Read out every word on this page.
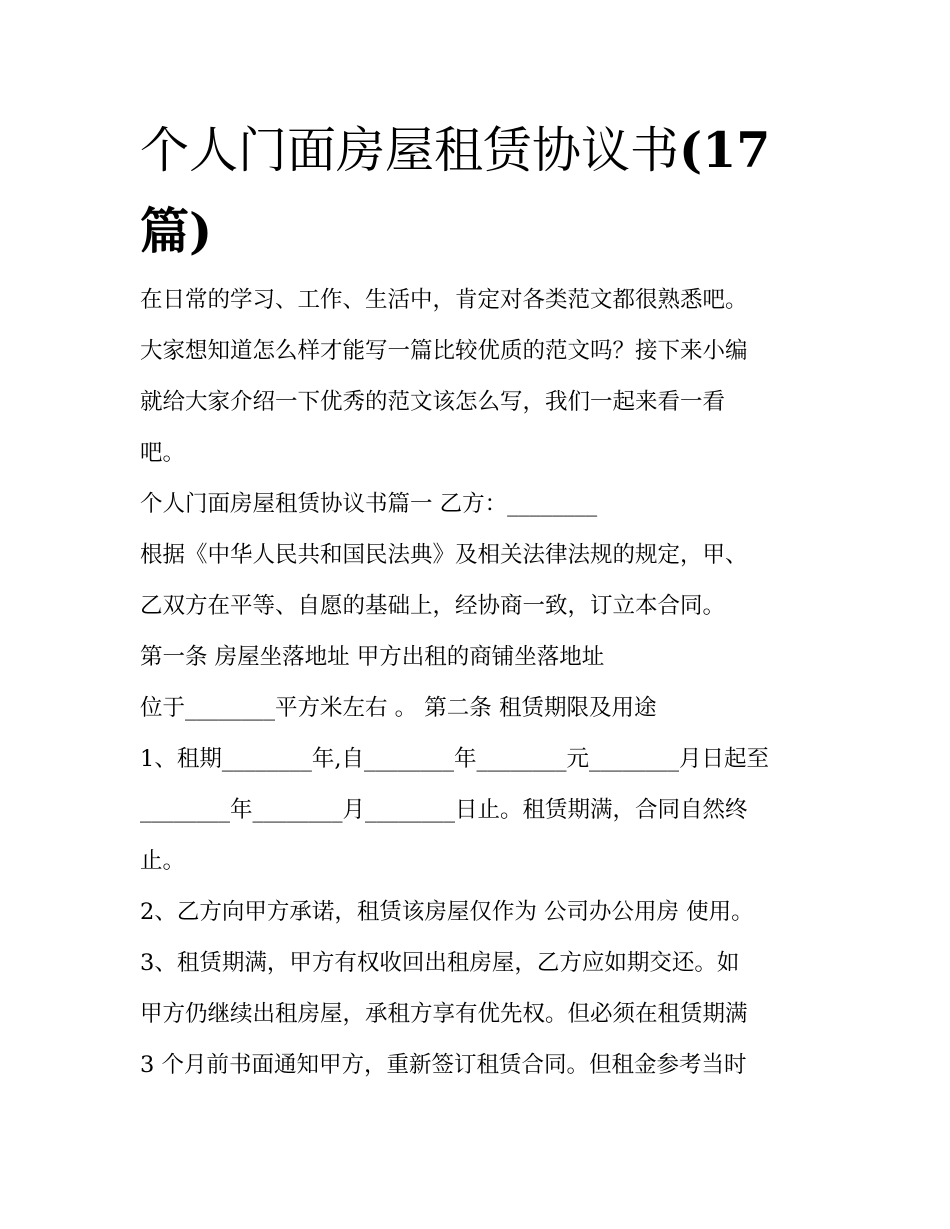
个人门面房屋租赁协议书(17
篇)
在日常的学习、工作、生活中，肯定对各类范文都很熟悉吧。
大家想知道怎么样才能写一篇比较优质的范文吗？接下来小编
就给大家介绍一下优秀的范文该怎么写，我们一起来看一看
吧。
个人门面房屋租赁协议书篇一 乙方：________
根据《中华人民共和国民法典》及相关法律法规的规定，甲、
乙双方在平等、自愿的基础上，经协商一致，订立本合同。
第一条 房屋坐落地址 甲方出租的商铺坐落地址
位于________平方米左右 。 第二条 租赁期限及用途
1、租期________年,自________年________元________月日起至
________年________月________日止。租赁期满，合同自然终
止。
2、乙方向甲方承诺，租赁该房屋仅作为 公司办公用房 使用。
3、租赁期满，甲方有权收回出租房屋，乙方应如期交还。如
甲方仍继续出租房屋，承租方享有优先权。但必须在租赁期满
3 个月前书面通知甲方，重新签订租赁合同。但租金参考当时
